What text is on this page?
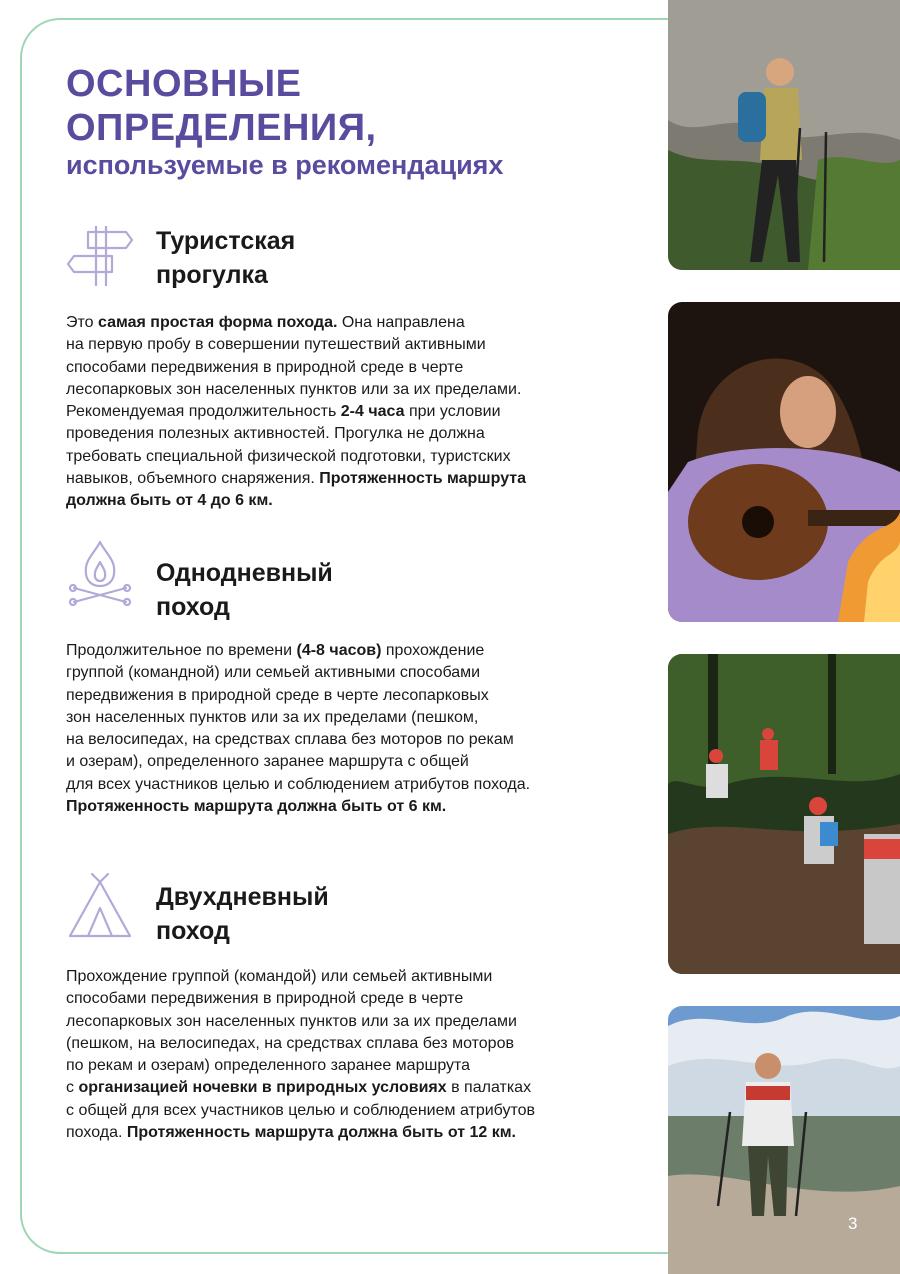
ОСНОВНЫЕ
ОПРЕДЕЛЕНИЯ,
используемые в рекомендациях
Туристская
прогулка

Это самая простая форма похода. Она направлена
на первую пробу в совершении путешествий активными
способами передвижения в природной среде в черте
лесопарковых зон населенных пунктов или за их пределами.
Рекомендуемая продолжительность 2-4 часа при условии
проведения полезных активностей. Прогулка не должна
требовать специальной физической подготовки, туристских
навыков, объемного снаряжения. Протяженность маршрута
должна быть от 4 до 6 км.

Однодневный
поход

Продолжительное по времени (4-8 часов) прохождение
группой (командной) или семьей активными способами
передвижения в природной среде в черте лесопарковых
зон населенных пунктов или за их пределами (пешком,
на велосипедах, на средствах сплава без моторов по рекам
и озерам), определенного заранее маршрута с общей
для всех участников целью и соблюдением атрибутов похода.
Протяженность маршрута должна быть от 6 км.

Двухдневный
поход

Прохождение группой (командой) или семьей активными
способами передвижения в природной среде в черте
лесопарковых зон населенных пунктов или за их пределами
(пешком, на велосипедах, на средствах сплава без моторов
по рекам и озерам) определенного заранее маршрута
с организацией ночевки в природных условиях в палатках
с общей для всех участников целью и соблюдением атрибутов
похода. Протяженность маршрута должна быть от 12 км.

3
